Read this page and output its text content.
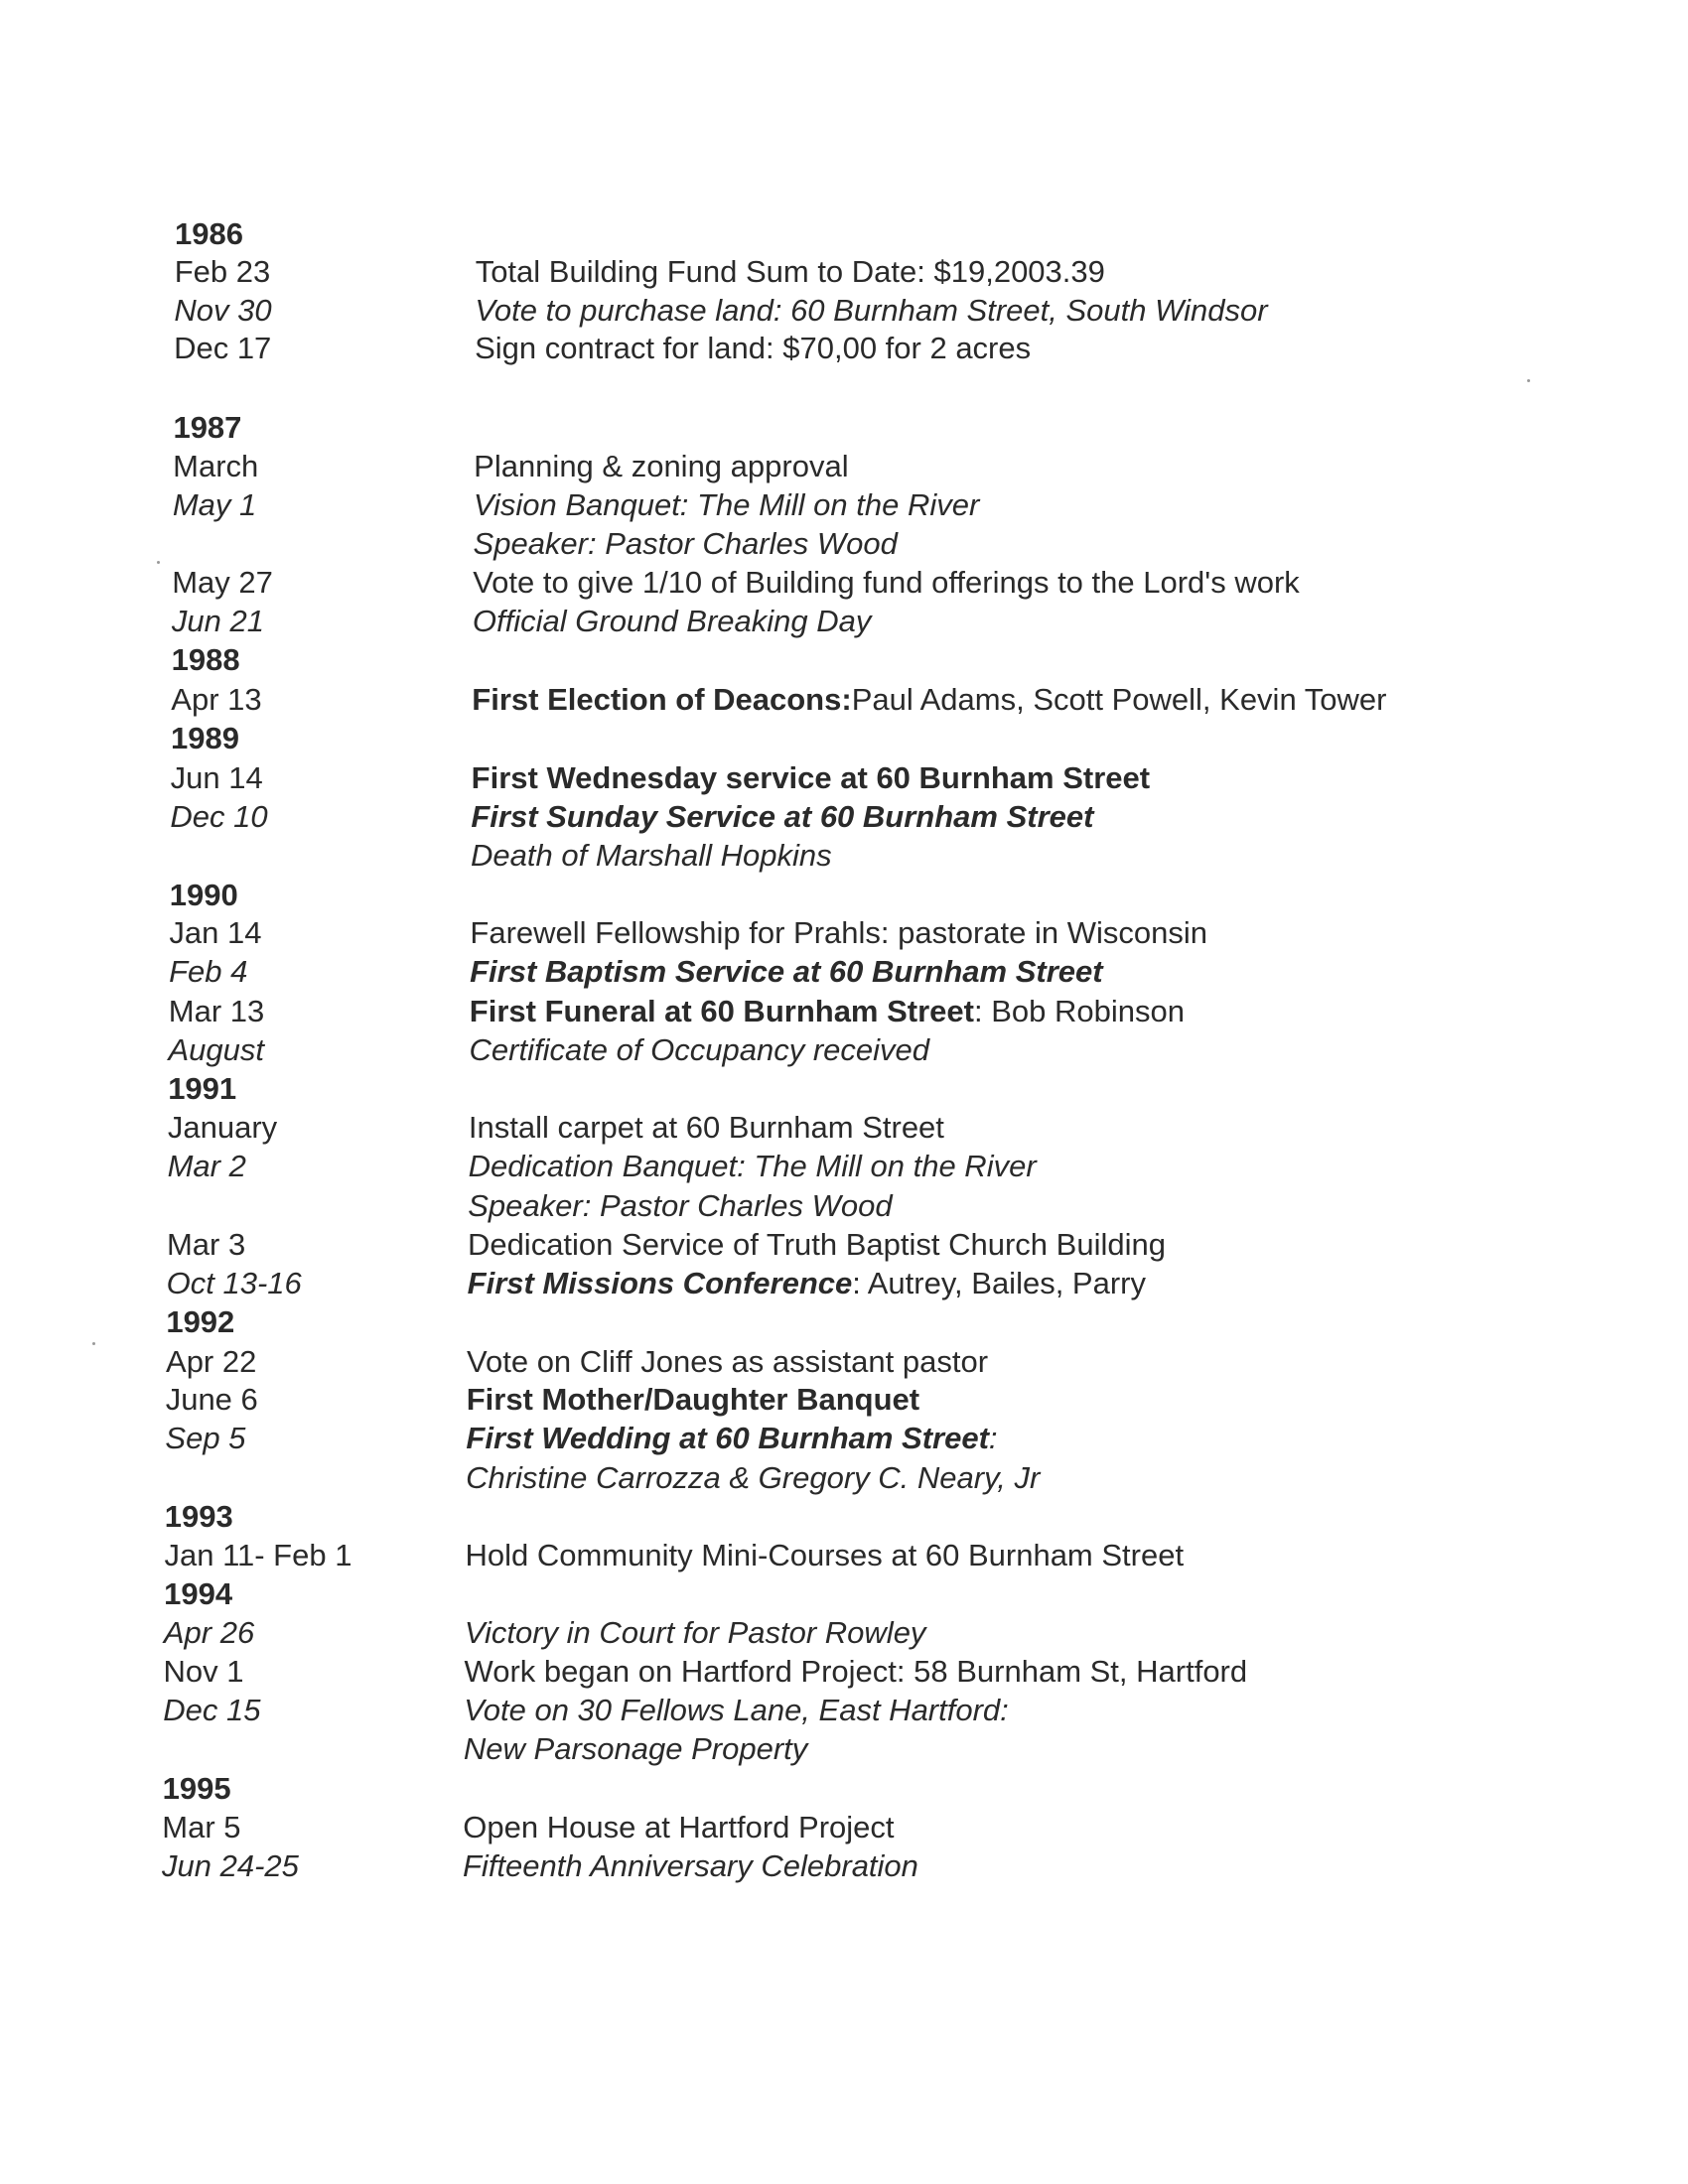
1986
Feb 23	Total Building Fund Sum to Date: $19,2003.39
Nov 30	Vote to purchase land: 60 Burnham Street, South Windsor
Dec 17	Sign contract for land: $70,00 for 2 acres
1987
March	Planning & zoning approval
May 1	Vision Banquet: The Mill on the River
Speaker: Pastor Charles Wood
May 27	Vote to give 1/10 of Building fund offerings to the Lord's work
Jun 21	Official Ground Breaking Day
1988
Apr 13	First Election of Deacons:Paul Adams, Scott Powell, Kevin Tower
1989
Jun 14	First Wednesday service at 60 Burnham Street
Dec 10	First Sunday Service at 60 Burnham Street
Death of Marshall Hopkins
1990
Jan 14	Farewell Fellowship for Prahls: pastorate in Wisconsin
Feb 4	First Baptism Service at 60 Burnham Street
Mar 13	First Funeral at 60 Burnham Street: Bob Robinson
August	Certificate of Occupancy received
1991
January	Install carpet at 60 Burnham Street
Mar 2	Dedication Banquet: The Mill on the River
Speaker: Pastor Charles Wood
Mar 3	Dedication Service of Truth Baptist Church Building
Oct 13-16	First Missions Conference: Autrey, Bailes, Parry
1992
Apr 22	Vote on Cliff Jones as assistant pastor
June 6	First Mother/Daughter Banquet
Sep 5	First Wedding at 60 Burnham Street:
Christine Carrozza & Gregory C. Neary, Jr
1993
Jan 11- Feb 1	Hold Community Mini-Courses at 60 Burnham Street
1994
Apr 26	Victory in Court for Pastor Rowley
Nov 1	Work began on Hartford Project: 58 Burnham St, Hartford
Dec 15	Vote on 30 Fellows Lane, East Hartford:
New Parsonage Property
1995
Mar 5	Open House at Hartford Project
Jun 24-25	Fifteenth Anniversary Celebration
